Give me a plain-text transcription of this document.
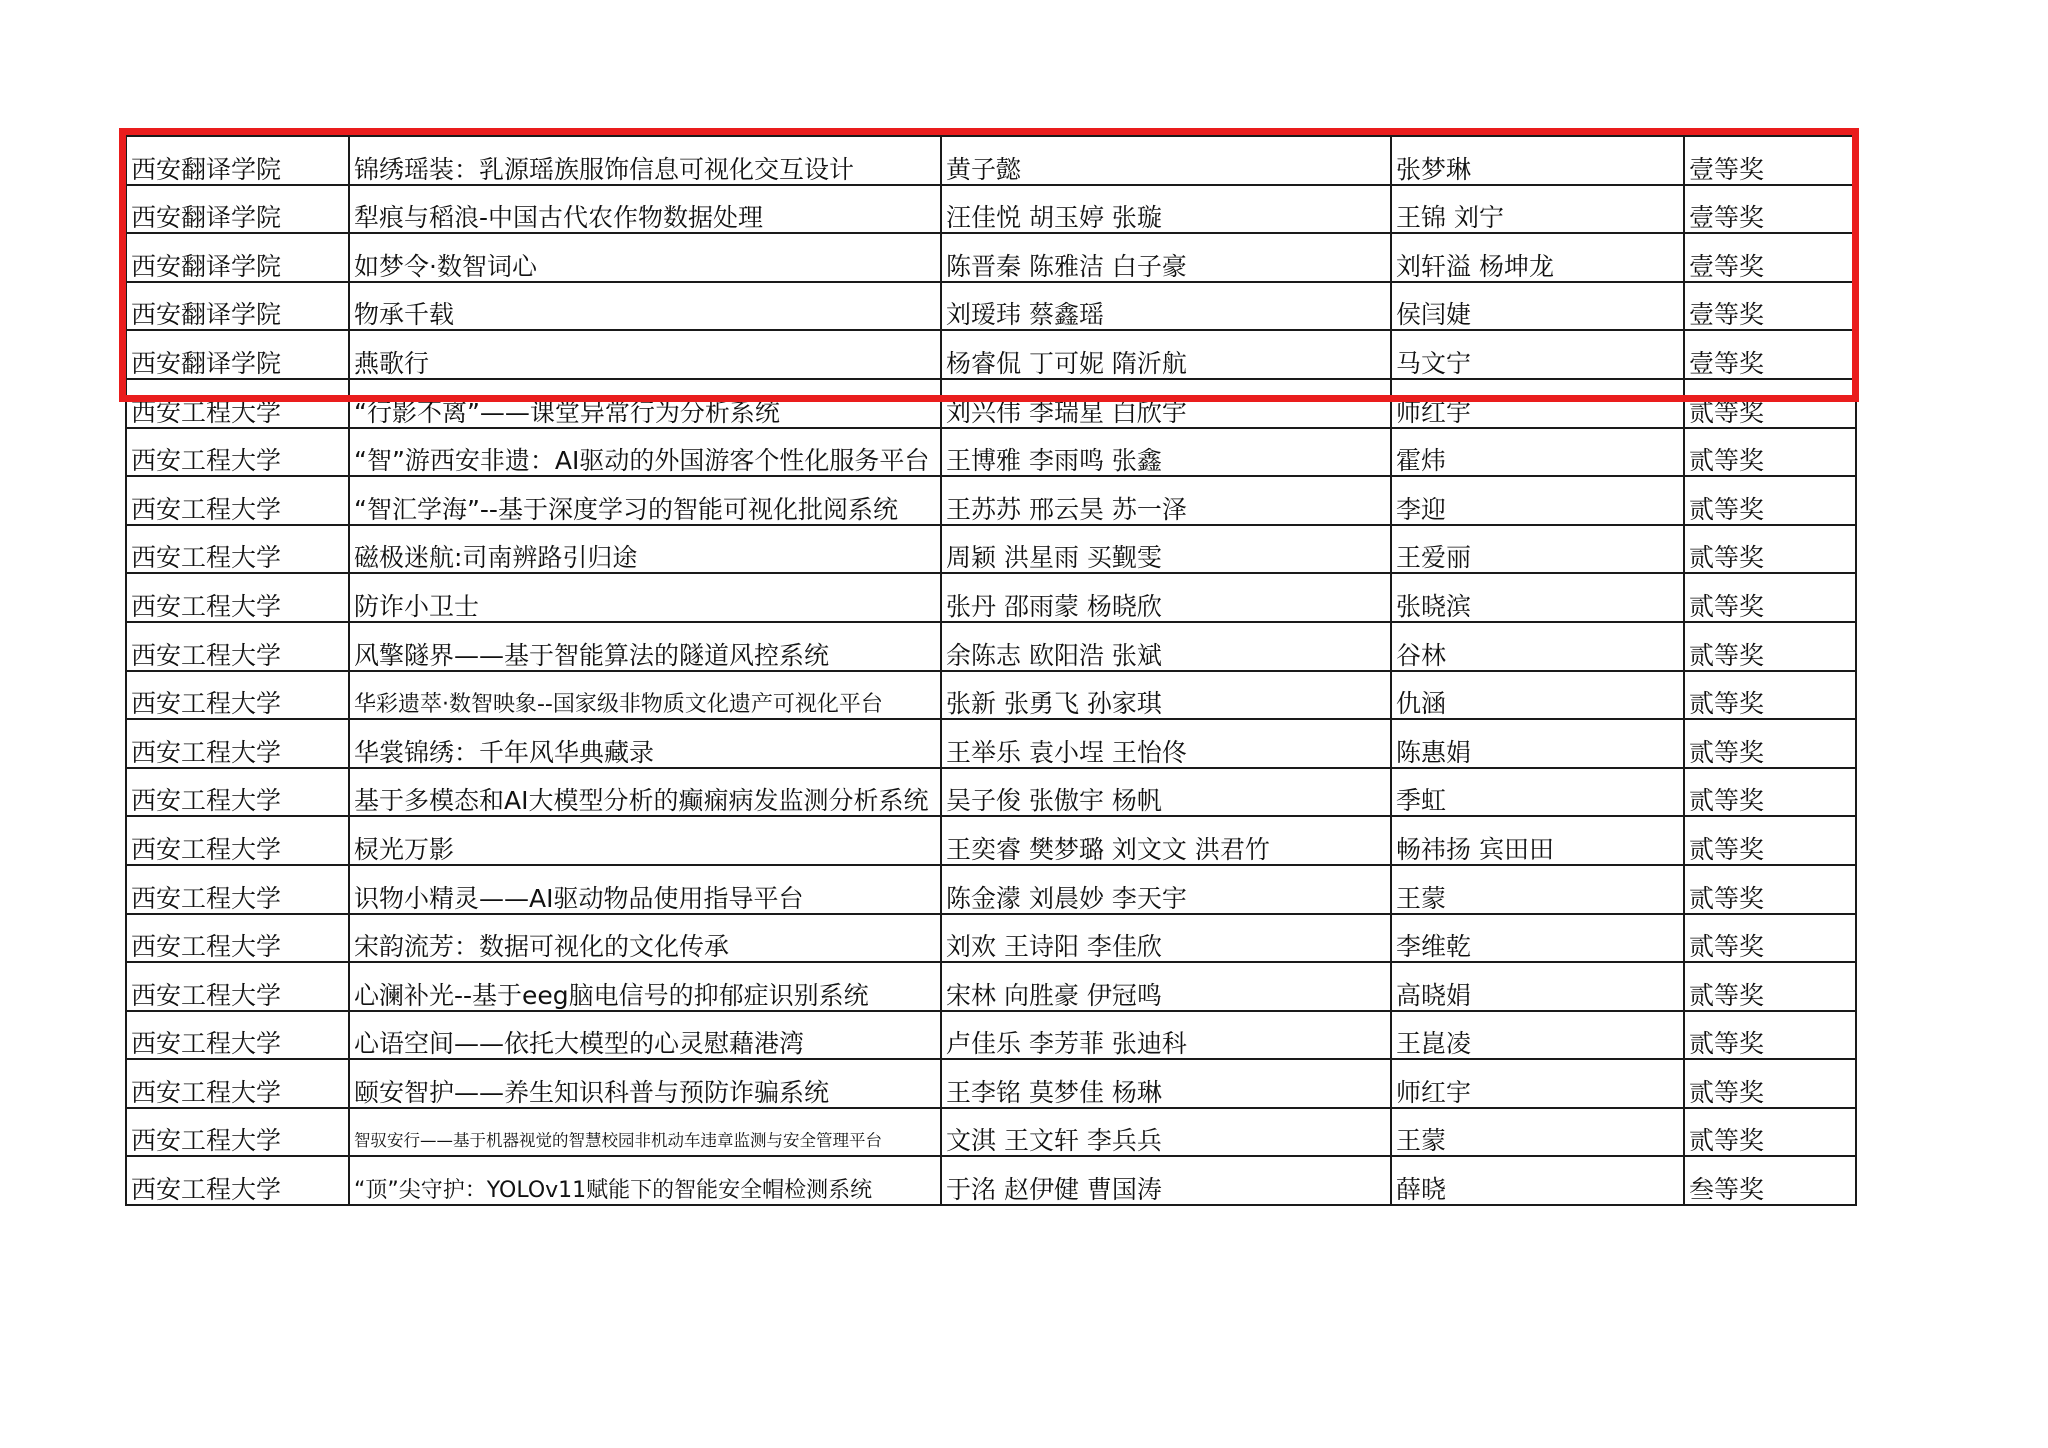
西安翻译学院	锦绣瑶装：乳源瑶族服饰信息可视化交互设计	黄子懿	张梦琳	壹等奖
西安翻译学院	犁痕与稻浪-中国古代农作物数据处理	汪佳悦 胡玉婷 张璇	王锦 刘宁	壹等奖
西安翻译学院	如梦令·数智词心	陈晋秦 陈雅洁 白子豪	刘轩溢 杨坤龙	壹等奖
西安翻译学院	物承千载	刘瑷玮 蔡鑫瑶	侯闫婕	壹等奖
西安翻译学院	燕歌行	杨睿侃 丁可妮 隋沂航	马文宁	壹等奖
西安工程大学	“行影不离”——课堂异常行为分析系统	刘兴伟 李瑞星 白欣宇	师红宇	贰等奖
西安工程大学	“智”游西安非遗：AI驱动的外国游客个性化服务平台	王博雅 李雨鸣 张鑫	霍炜	贰等奖
西安工程大学	“智汇学海”--基于深度学习的智能可视化批阅系统	王苏苏 邢云昊 苏一泽	李迎	贰等奖
西安工程大学	磁极迷航:司南辨路引归途	周颖 洪星雨 买觐雯	王爱丽	贰等奖
西安工程大学	防诈小卫士	张丹 邵雨蒙 杨晓欣	张晓滨	贰等奖
西安工程大学	风擎隧界——基于智能算法的隧道风控系统	余陈志 欧阳浩 张斌	谷林	贰等奖
西安工程大学	华彩遗萃·数智映象--国家级非物质文化遗产可视化平台	张新 张勇飞 孙家琪	仇涵	贰等奖
西安工程大学	华裳锦绣：千年风华典藏录	王举乐 袁小埕 王怡佟	陈惠娟	贰等奖
西安工程大学	基于多模态和AI大模型分析的癫痫病发监测分析系统	吴子俊 张傲宇 杨帆	季虹	贰等奖
西安工程大学	棂光万影	王奕睿 樊梦璐 刘文文 洪君竹	畅祎扬 宾田田	贰等奖
西安工程大学	识物小精灵——AI驱动物品使用指导平台	陈金濛 刘晨妙 李天宇	王蒙	贰等奖
西安工程大学	宋韵流芳：数据可视化的文化传承	刘欢 王诗阳 李佳欣	李维乾	贰等奖
西安工程大学	心澜补光--基于eeg脑电信号的抑郁症识别系统	宋林 向胜豪 伊冠鸣	高晓娟	贰等奖
西安工程大学	心语空间——依托大模型的心灵慰藉港湾	卢佳乐 李芳菲 张迪科	王崑凌	贰等奖
西安工程大学	颐安智护——养生知识科普与预防诈骗系统	王李铭 莫梦佳 杨琳	师红宇	贰等奖
西安工程大学	智驭安行——基于机器视觉的智慧校园非机动车违章监测与安全管理平台	文淇 王文轩 李兵兵	王蒙	贰等奖
西安工程大学	“顶”尖守护：YOLOv11赋能下的智能安全帽检测系统	于洺 赵伊健 曹国涛	薛晓	叁等奖
